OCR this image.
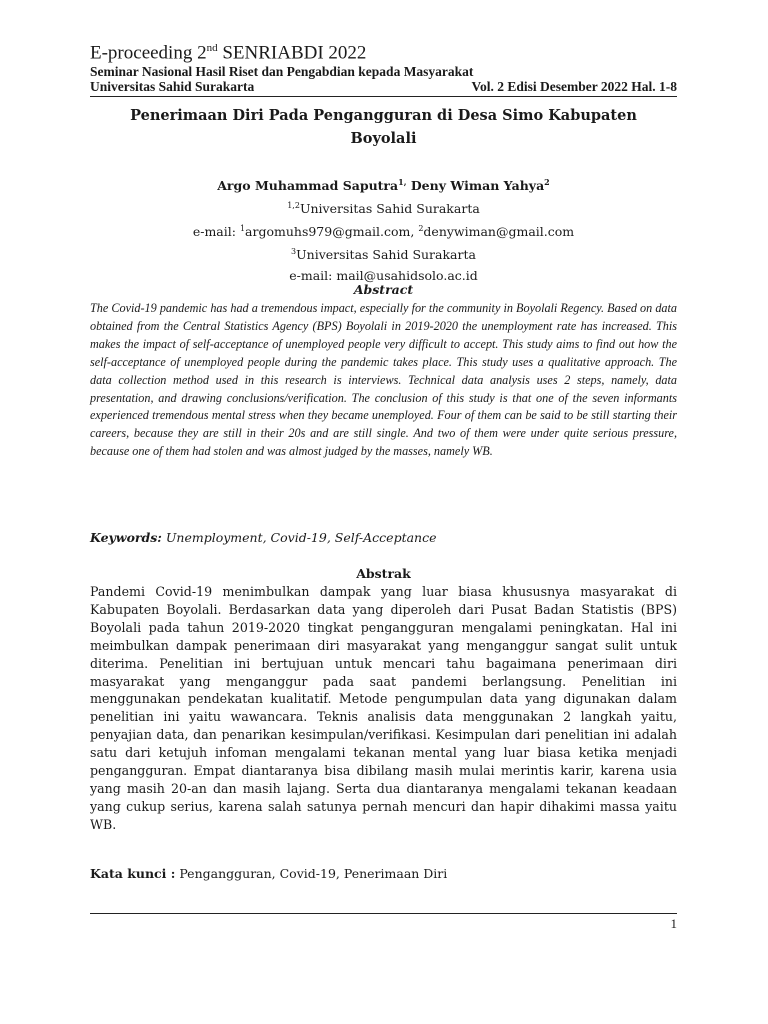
E-proceeding 2nd SENRIABDI 2022
Seminar Nasional Hasil Riset dan Pengabdian kepada Masyarakat
Universitas Sahid Surakarta	Vol. 2 Edisi Desember 2022 Hal. 1-8
Penerimaan Diri Pada Pengangguran di Desa Simo Kabupaten
Boyolali
Argo Muhammad Saputra$^{1,}$ Deny Wiman Yahya$^2$
$^{1,2}$Universitas Sahid Surakarta
e-mail: $^1$argomuhs979@gmail.com, $^2$denywiman@gmail.com
$^3$Universitas Sahid Surakarta
e-mail: mail@usahidsolo.ac.id
Abstract
The Covid-19 pandemic has had a tremendous impact, especially for the community in Boyolali Regency. Based on data obtained from the Central Statistics Agency (BPS) Boyolali in 2019-2020 the unemployment rate has increased. This makes the impact of self-acceptance of unemployed people very difficult to accept. This study aims to find out how the self-acceptance of unemployed people during the pandemic takes place. This study uses a qualitative approach. The data collection method used in this research is interviews. Technical data analysis uses 2 steps, namely, data presentation, and drawing conclusions/verification. The conclusion of this study is that one of the seven informants experienced tremendous mental stress when they became unemployed. Four of them can be said to be still starting their careers, because they are still in their 20s and are still single. And two of them were under quite serious pressure, because one of them had stolen and was almost judged by the masses, namely WB.
Keywords: Unemployment, Covid-19, Self-Acceptance
Abstrak
Pandemi Covid-19 menimbulkan dampak yang luar biasa khususnya masyarakat di Kabupaten Boyolali. Berdasarkan data yang diperoleh dari Pusat Badan Statistis (BPS) Boyolali pada tahun 2019-2020 tingkat pengangguran mengalami peningkatan. Hal ini meimbulkan dampak penerimaan diri masyarakat yang menganggur sangat sulit untuk diterima. Penelitian ini bertujuan untuk mencari tahu bagaimana penerimaan diri masyarakat yang menganggur pada saat pandemi berlangsung. Penelitian ini menggunakan pendekatan kualitatif. Metode pengumpulan data yang digunakan dalam penelitian ini yaitu wawancara. Teknis analisis data menggunakan 2 langkah yaitu, penyajian data, dan penarikan kesimpulan/verifikasi. Kesimpulan dari penelitian ini adalah satu dari ketujuh infoman mengalami tekanan mental yang luar biasa ketika menjadi pengangguran. Empat diantaranya bisa dibilang masih mulai merintis karir, karena usia yang masih 20-an dan masih lajang. Serta dua diantaranya mengalami tekanan keadaan yang cukup serius, karena salah satunya pernah mencuri dan hapir dihakimi massa yaitu WB.
Kata kunci : Pengangguran, Covid-19, Penerimaan Diri
1
